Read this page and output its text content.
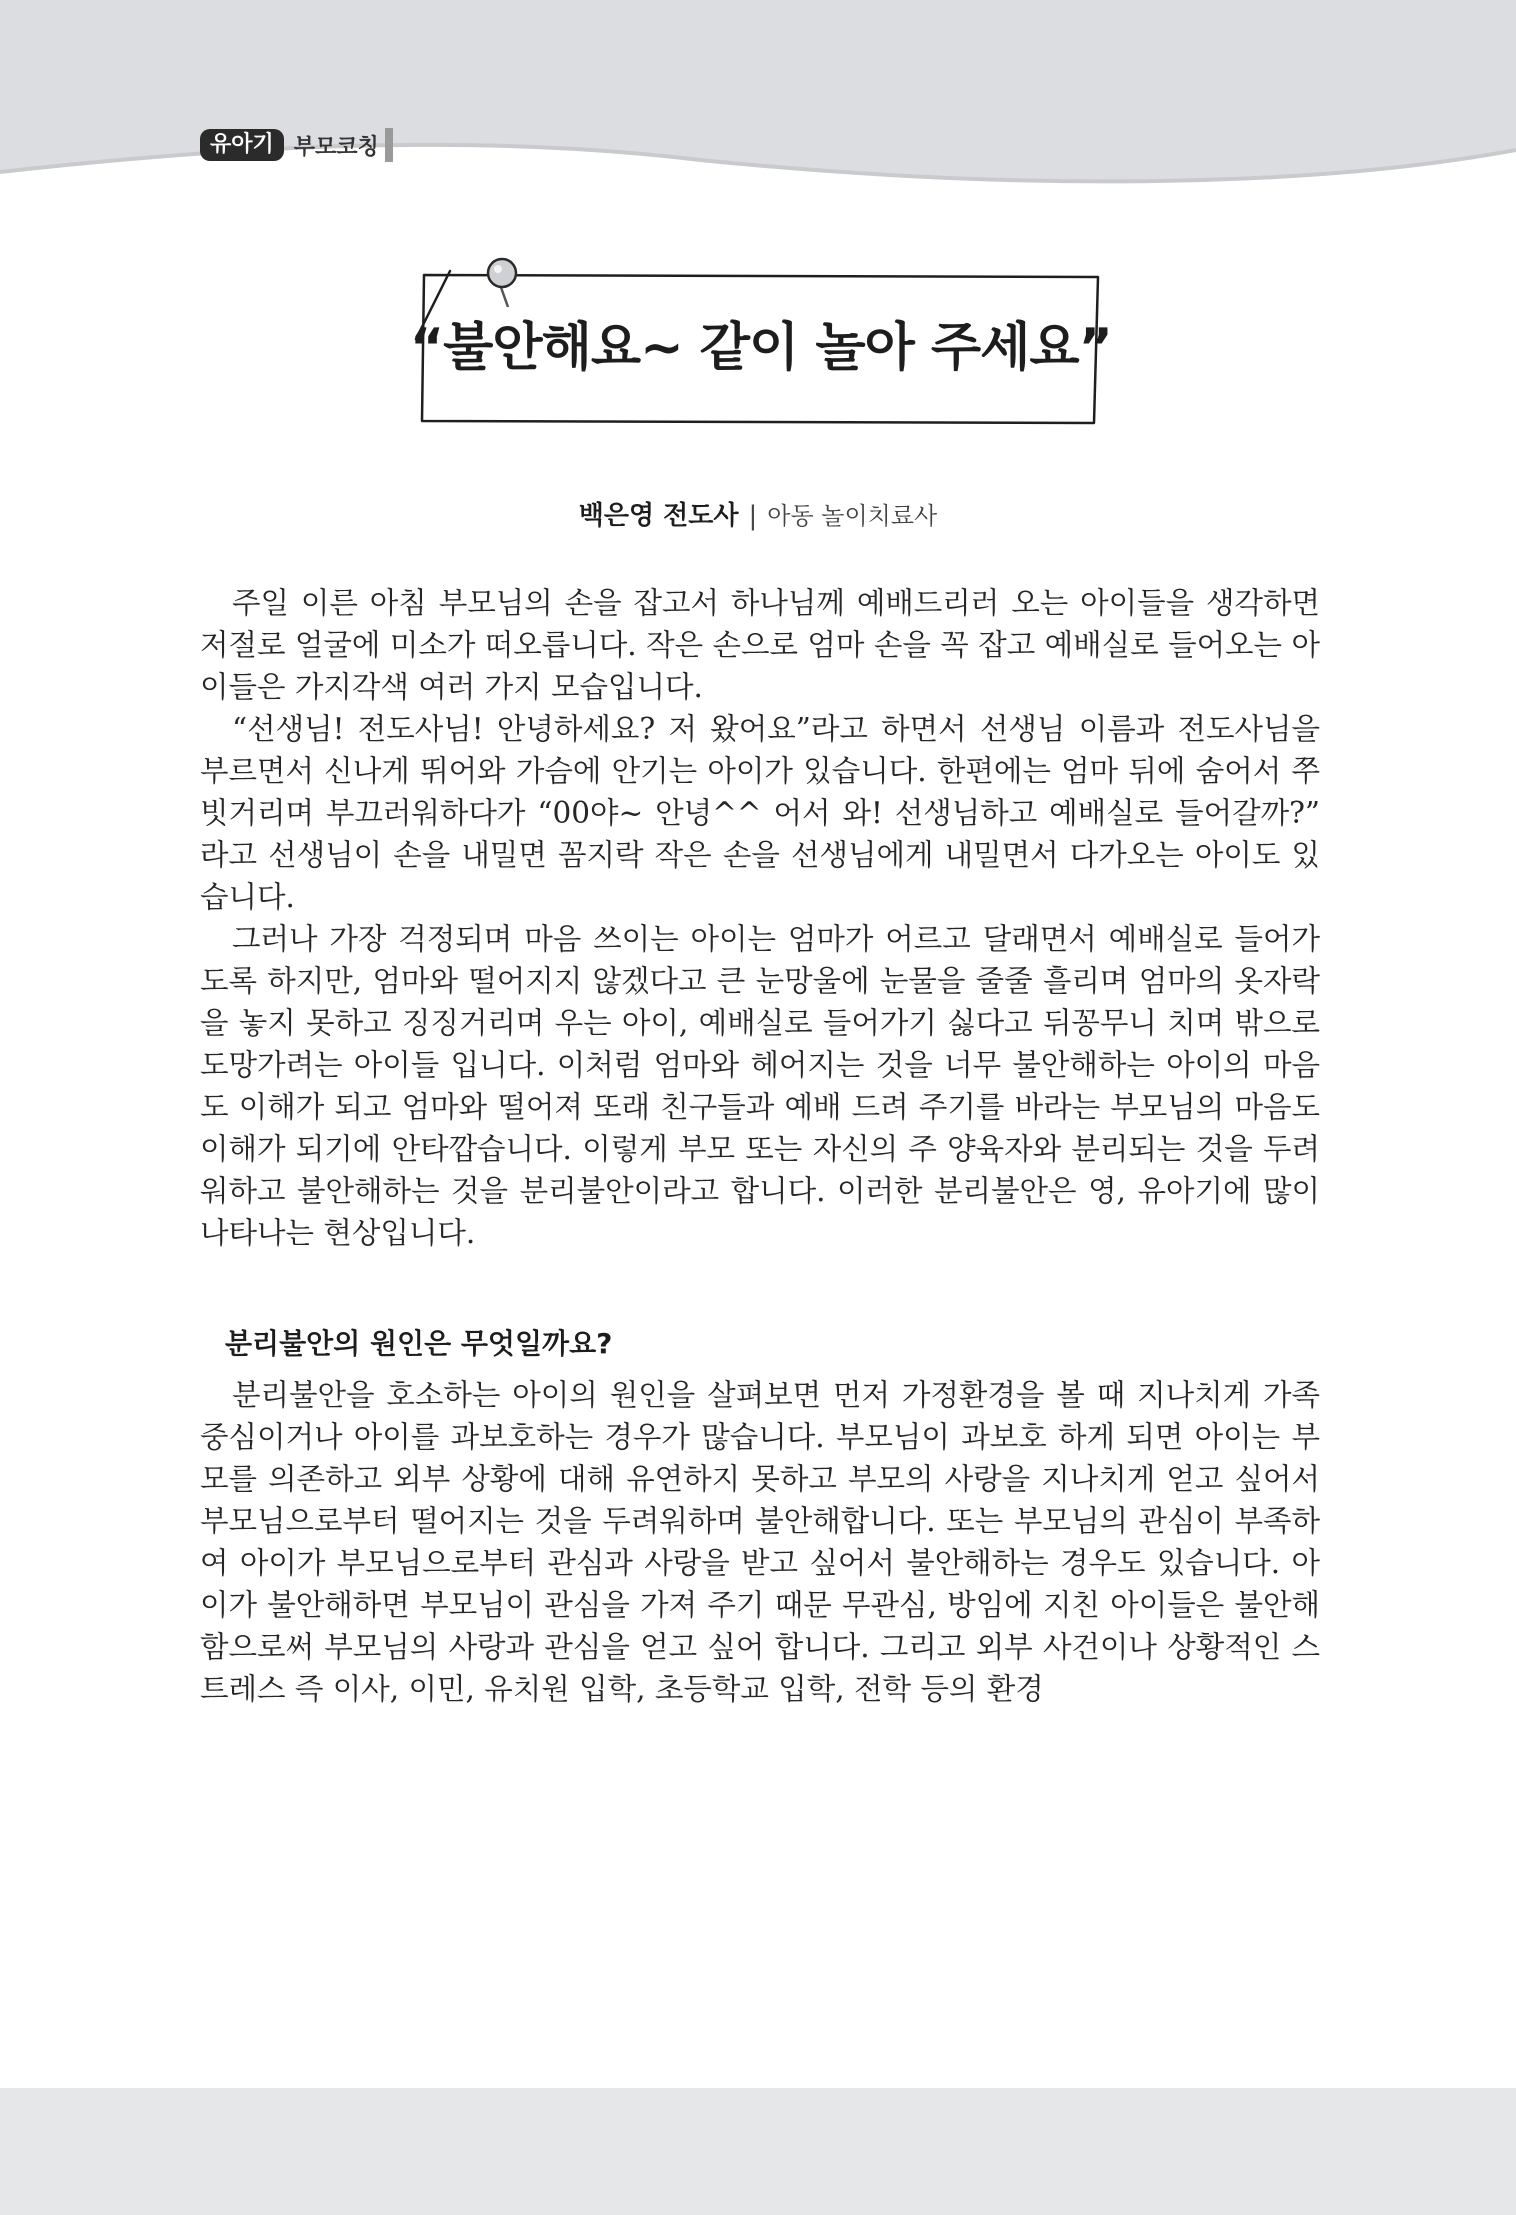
유아기 부모코칭
“불안해요~ 같이 놀아 주세요”
백은영 전도사 | 아동 놀이치료사

주일 이른 아침 부모님의 손을 잡고서 하나님께 예배드리러 오는 아이들을 생각하면 저절로 얼굴에 미소가 떠오릅니다. 작은 손으로 엄마 손을 꼭 잡고 예배실로 들어오는 아이들은 가지각색 여러 가지 모습입니다.

“선생님! 전도사님! 안녕하세요? 저 왔어요”라고 하면서 선생님 이름과 전도사님을 부르면서 신나게 뛰어와 가슴에 안기는 아이가 있습니다. 한편에는 엄마 뒤에 숨어서 쭈빗거리며 부끄러워하다가 “00야~ 안녕^^ 어서 와! 선생님하고 예배실로 들어갈까?” 라고 선생님이 손을 내밀면 꼼지락 작은 손을 선생님에게 내밀면서 다가오는 아이도 있습니다.

그러나 가장 걱정되며 마음 쓰이는 아이는 엄마가 어르고 달래면서 예배실로 들어가도록 하지만, 엄마와 떨어지지 않겠다고 큰 눈망울에 눈물을 줄줄 흘리며 엄마의 옷자락을 놓지 못하고 징징거리며 우는 아이, 예배실로 들어가기 싫다고 뒤꽁무니 치며 밖으로 도망가려는 아이들 입니다. 이처럼 엄마와 헤어지는 것을 너무 불안해하는 아이의 마음도 이해가 되고 엄마와 떨어져 또래 친구들과 예배 드려 주기를 바라는 부모님의 마음도 이해가 되기에 안타깝습니다. 이렇게 부모 또는 자신의 주 양육자와 분리되는 것을 두려워하고 불안해하는 것을 분리불안이라고 합니다. 이러한 분리불안은 영, 유아기에 많이 나타나는 현상입니다.

분리불안의 원인은 무엇일까요?

분리불안을 호소하는 아이의 원인을 살펴보면 먼저 가정환경을 볼 때 지나치게 가족 중심이거나 아이를 과보호하는 경우가 많습니다. 부모님이 과보호 하게 되면 아이는 부모를 의존하고 외부 상황에 대해 유연하지 못하고 부모의 사랑을 지나치게 얻고 싶어서 부모님으로부터 떨어지는 것을 두려워하며 불안해합니다. 또는 부모님의 관심이 부족하여 아이가 부모님으로부터 관심과 사랑을 받고 싶어서 불안해하는 경우도 있습니다. 아이가 불안해하면 부모님이 관심을 가져 주기 때문 무관심, 방임에 지친 아이들은 불안해함으로써 부모님의 사랑과 관심을 얻고 싶어 합니다. 그리고 외부 사건이나 상황적인 스트레스 즉 이사, 이민, 유치원 입학, 초등학교 입학, 전학 등의 환경
